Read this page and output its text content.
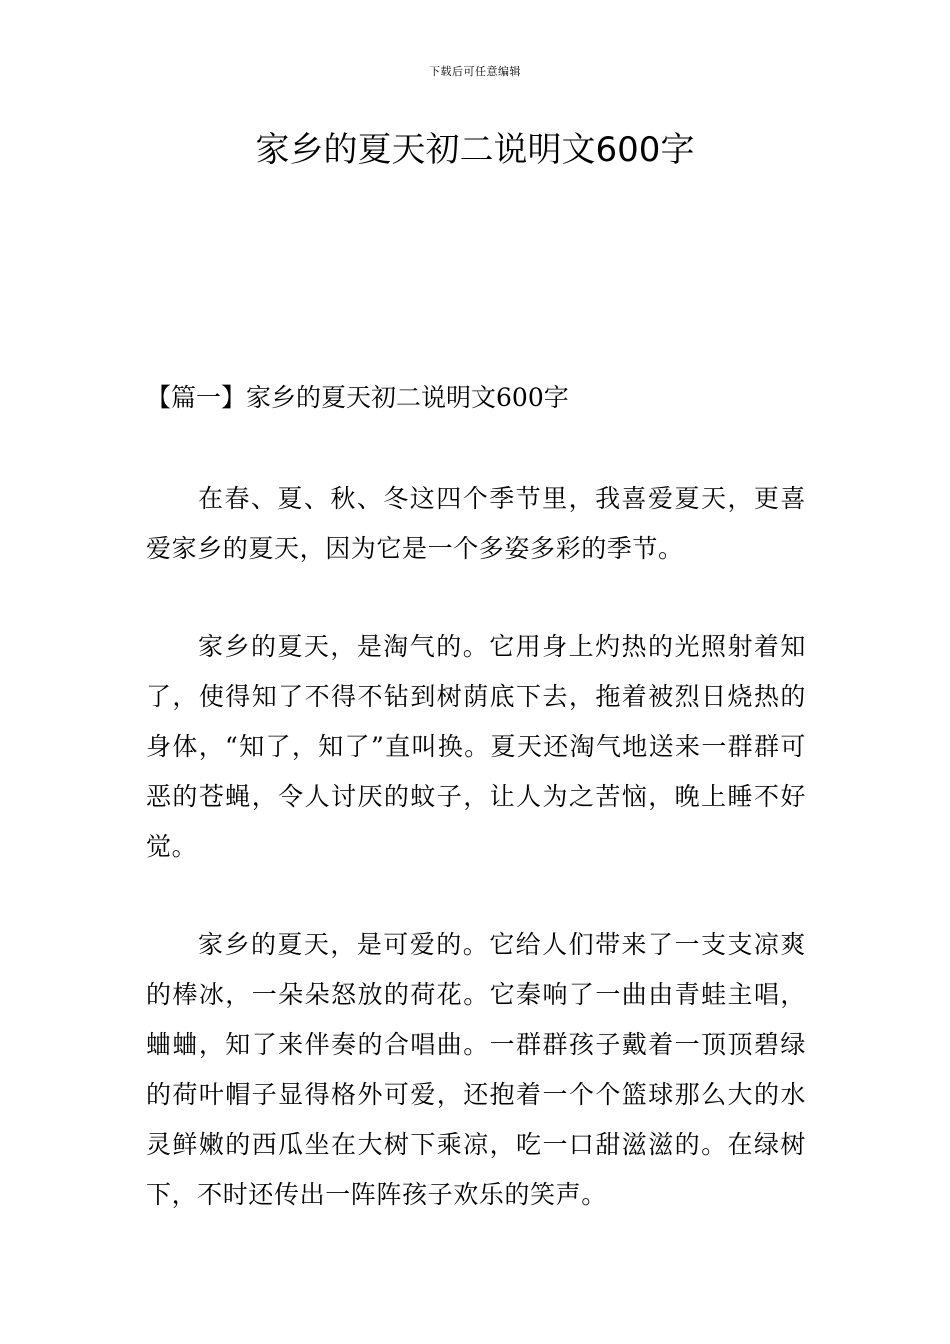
下载后可任意编辑
家乡的夏天初二说明文600字
【篇一】家乡的夏天初二说明文600字

在春、夏、秋、冬这四个季节里，我喜爱夏天，更喜爱家乡的夏天，因为它是一个多姿多彩的季节。

家乡的夏天，是淘气的。它用身上灼热的光照射着知了，使得知了不得不钻到树荫底下去，拖着被烈日烧热的身体，“知了，知了”直叫换。夏天还淘气地送来一群群可恶的苍蝇，令人讨厌的蚊子，让人为之苦恼，晚上睡不好觉。

家乡的夏天，是可爱的。它给人们带来了一支支凉爽的棒冰，一朵朵怒放的荷花。它秦响了一曲由青蛙主唱，蛐蛐，知了来伴奏的合唱曲。一群群孩子戴着一顶顶碧绿的荷叶帽子显得格外可爱，还抱着一个个篮球那么大的水灵鲜嫩的西瓜坐在大树下乘凉，吃一口甜滋滋的。在绿树下，不时还传出一阵阵孩子欢乐的笑声。
